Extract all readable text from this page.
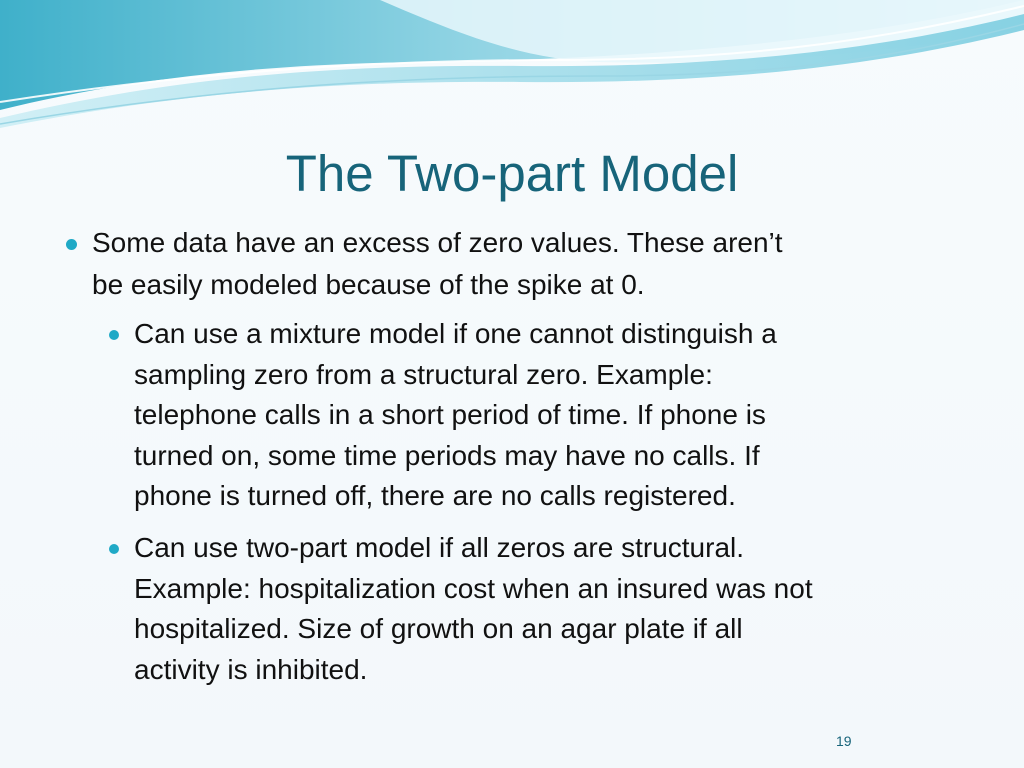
The Two-part Model
Some data have an excess of zero values. These aren’t
be easily modeled because of the spike at 0.
Can use a mixture model if one cannot distinguish a
sampling zero from a structural zero. Example:
telephone calls in a short period of time. If phone is
turned on, some time periods may have no calls. If
phone is turned off, there are no calls registered.
Can use two-part model if all zeros are structural.
Example: hospitalization cost when an insured was not
hospitalized. Size of growth on an agar plate if all
activity is inhibited.
19
